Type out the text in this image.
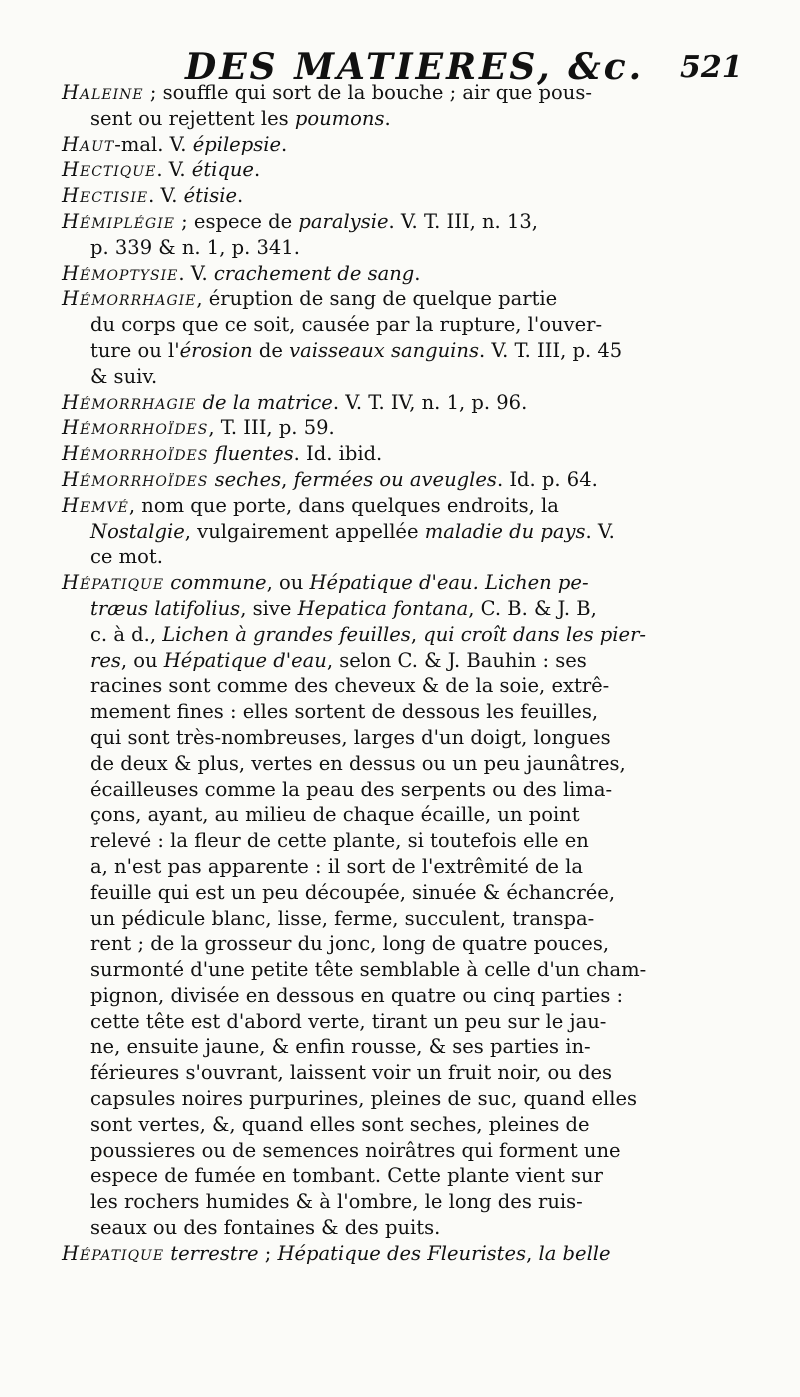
DES MATIERES, &c. 521

Haleine ; souffle qui sort de la bouche ; air que pous-
sent ou rejettent les poumons.

Haut-mal. V. épilepsie.

Hectique. V. étique.

Hectisie. V. étisie.

Hémiplégie ; espece de paralysie. V. T. III, n. 13,
p. 339 & n. 1, p. 341.

Hémoptysie. V. crachement de sang.

Hémorrhagie, éruption de sang de quelque partie
du corps que ce soit, causée par la rupture, l'ouver-
ture ou l'érosion de vaisseaux sanguins. V. T. III, p. 45
& suiv.

Hémorrhagie de la matrice. V. T. IV, n. 1, p. 96.

Hémorrhoïdes, T. III, p. 59.

Hémorrhoïdes fluentes. Id. ibid.

Hémorrhoïdes seches, fermées ou aveugles. Id. p. 64.

Hemvé, nom que porte, dans quelques endroits, la
Nostalgie, vulgairement appellée maladie du pays. V.
ce mot.

Hépatique commune, ou Hépatique d'eau. Lichen pe-
træus latifolius, sive Hepatica fontana, C. B. & J. B,
c. à d., Lichen à grandes feuilles, qui croît dans les pier-
res, ou Hépatique d'eau, selon C. & J. Bauhin : ses
racines sont comme des cheveux & de la soie, extrê-
mement fines : elles sortent de dessous les feuilles,
qui sont très-nombreuses, larges d'un doigt, longues
de deux & plus, vertes en dessus ou un peu jaunâtres,
écailleuses comme la peau des serpents ou des lima-
çons, ayant, au milieu de chaque écaille, un point
relevé : la fleur de cette plante, si toutefois elle en
a, n'est pas apparente : il sort de l'extrêmité de la
feuille qui est un peu découpée, sinuée & échancrée,
un pédicule blanc, lisse, ferme, succulent, transpa-
rent ; de la grosseur du jonc, long de quatre pouces,
surmonté d'une petite tête semblable à celle d'un cham-
pignon, divisée en dessous en quatre ou cinq parties :
cette tête est d'abord verte, tirant un peu sur le jau-
ne, ensuite jaune, & enfin rousse, & ses parties in-
férieures s'ouvrant, laissent voir un fruit noir, ou des
capsules noires purpurines, pleines de suc, quand elles
sont vertes, &, quand elles sont seches, pleines de
poussieres ou de semences noirâtres qui forment une
espece de fumée en tombant. Cette plante vient sur
les rochers humides & à l'ombre, le long des ruis-
seaux ou des fontaines & des puits.

Hépatique terrestre ; Hépatique des Fleuristes, la belle
